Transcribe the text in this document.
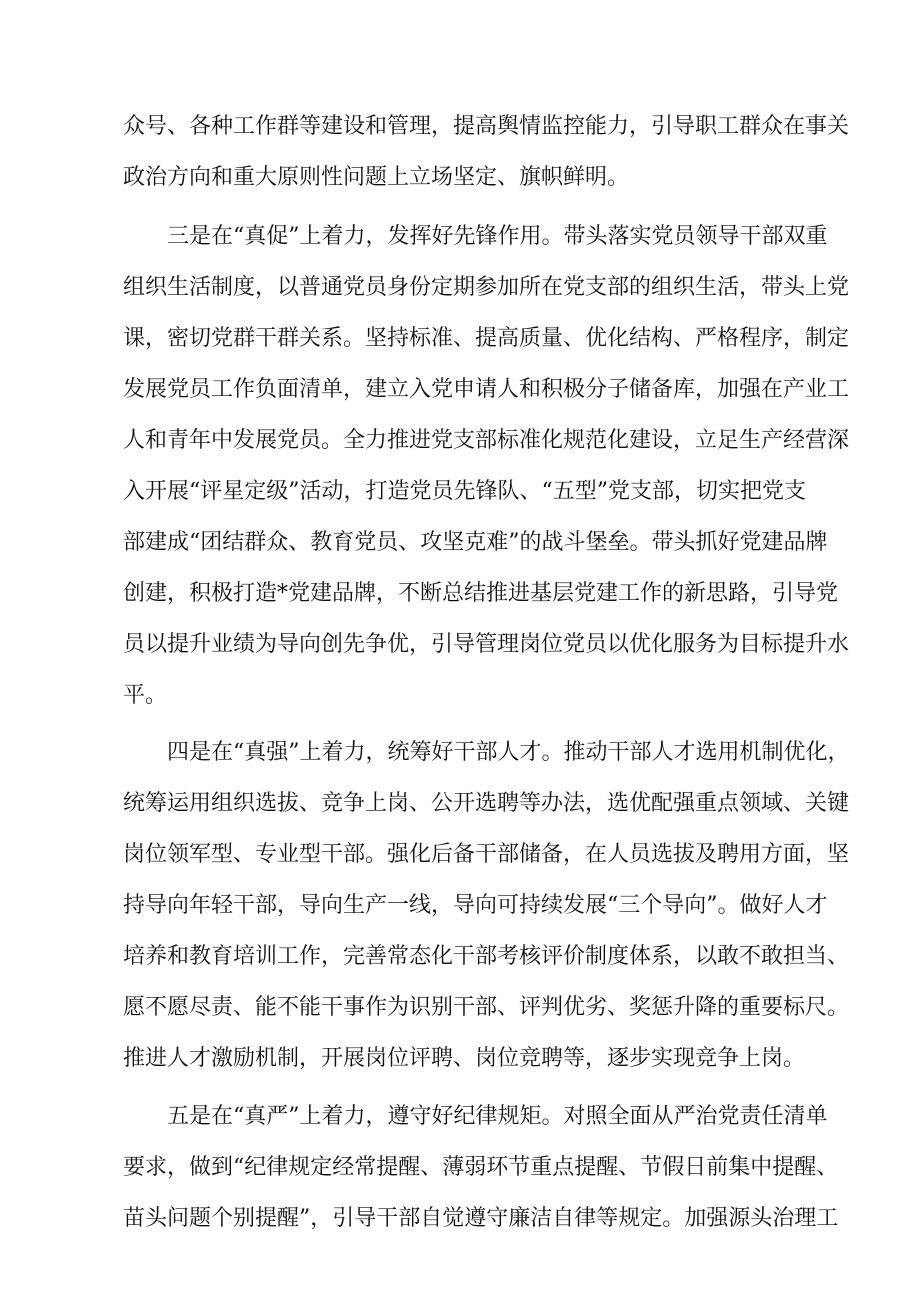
众号、各种工作群等建设和管理，提高舆情监控能力，引导职工群众在事关
政治方向和重大原则性问题上立场坚定、旗帜鲜明。
三是在“真促”上着力，发挥好先锋作用。带头落实党员领导干部双重
组织生活制度，以普通党员身份定期参加所在党支部的组织生活，带头上党
课，密切党群干群关系。坚持标准、提高质量、优化结构、严格程序，制定
发展党员工作负面清单，建立入党申请人和积极分子储备库，加强在产业工
人和青年中发展党员。全力推进党支部标准化规范化建设，立足生产经营深
入开展“评星定级”活动，打造党员先锋队、“五型”党支部，切实把党支
部建成“团结群众、教育党员、攻坚克难”的战斗堡垒。带头抓好党建品牌
创建，积极打造*党建品牌，不断总结推进基层党建工作的新思路，引导党
员以提升业绩为导向创先争优，引导管理岗位党员以优化服务为目标提升水
平。
四是在“真强”上着力，统筹好干部人才。推动干部人才选用机制优化，
统筹运用组织选拔、竞争上岗、公开选聘等办法，选优配强重点领域、关键
岗位领军型、专业型干部。强化后备干部储备，在人员选拔及聘用方面，坚
持导向年轻干部，导向生产一线，导向可持续发展“三个导向”。做好人才
培养和教育培训工作，完善常态化干部考核评价制度体系，以敢不敢担当、
愿不愿尽责、能不能干事作为识别干部、评判优劣、奖惩升降的重要标尺。
推进人才激励机制，开展岗位评聘、岗位竞聘等，逐步实现竞争上岗。
五是在“真严”上着力，遵守好纪律规矩。对照全面从严治党责任清单
要求，做到“纪律规定经常提醒、薄弱环节重点提醒、节假日前集中提醒、
苗头问题个别提醒”，引导干部自觉遵守廉洁自律等规定。加强源头治理工
